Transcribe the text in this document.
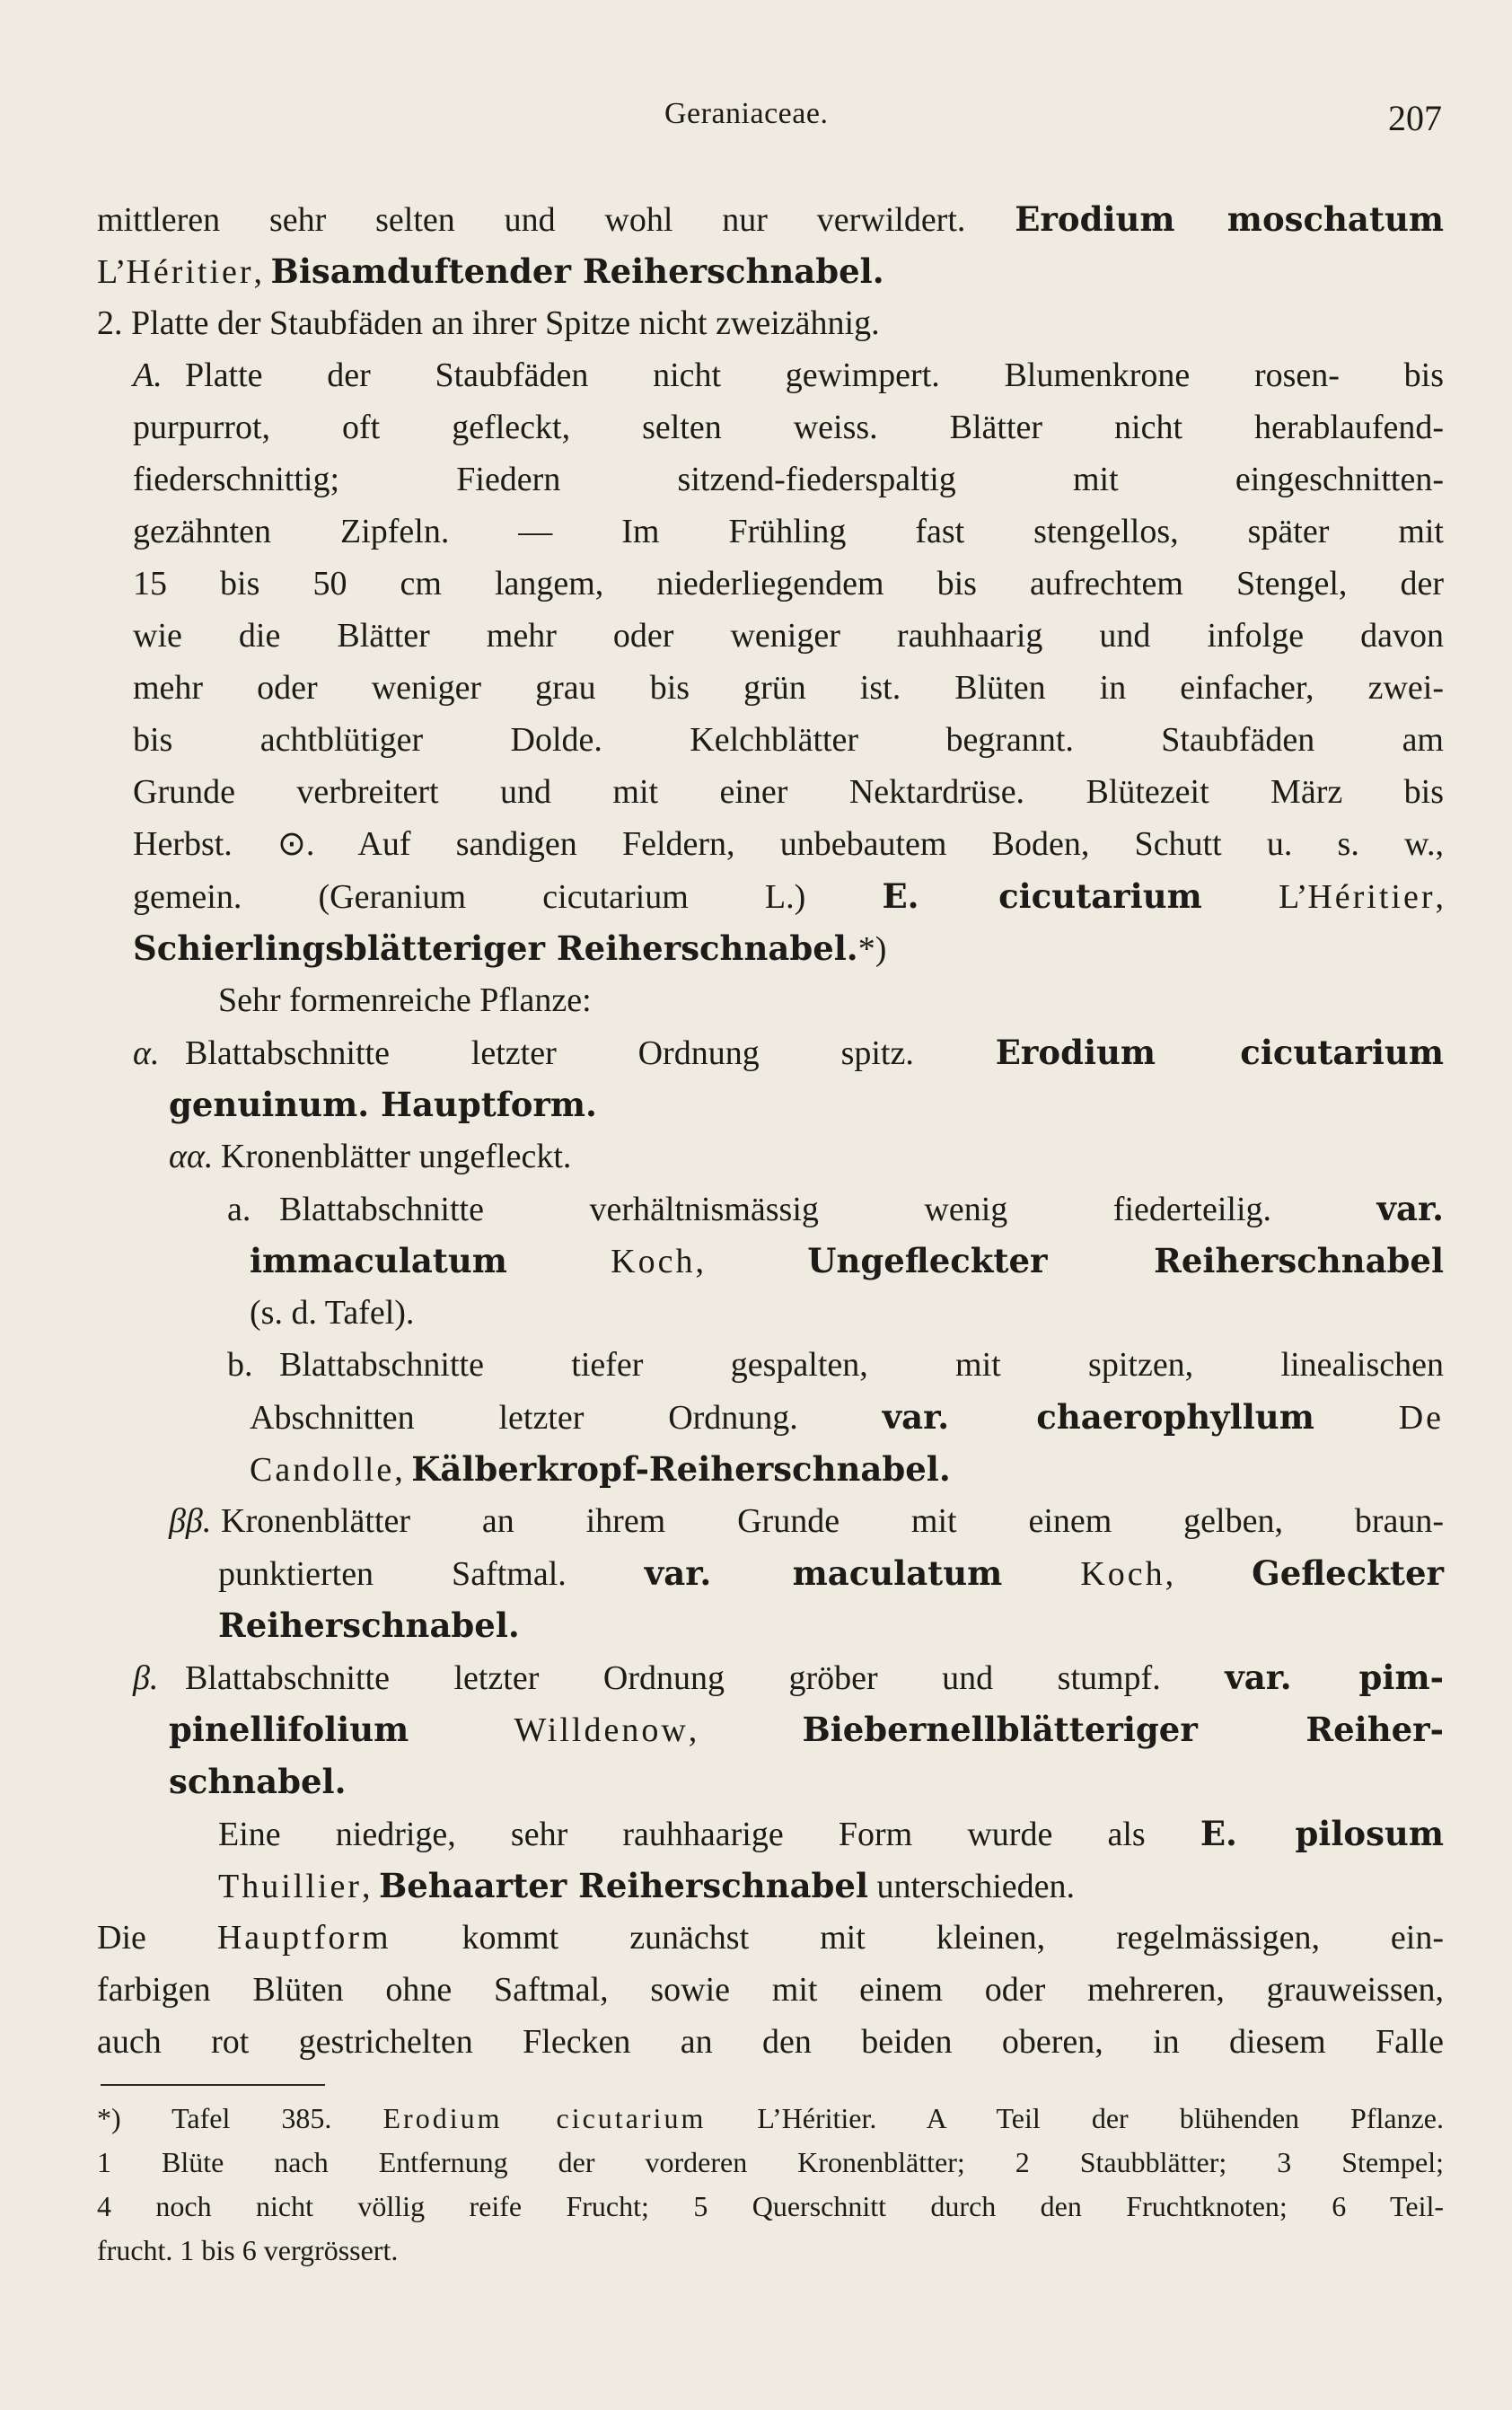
Geraniaceae.	207
mittleren sehr selten und wohl nur verwildert. Erodium moschatum
L’Héritier, Bisamduftender Reiherschnabel.
2. Platte der Staubfäden an ihrer Spitze nicht zweizähnig.
A. Platte der Staubfäden nicht gewimpert. Blumenkrone rosen- bis
purpurrot, oft gefleckt, selten weiss. Blätter nicht herablaufend-
fiederschnittig; Fiedern sitzend-fiederspaltig mit eingeschnitten-
gezähnten Zipfeln. — Im Frühling fast stengellos, später mit
15 bis 50 cm langem, niederliegendem bis aufrechtem Stengel, der
wie die Blätter mehr oder weniger rauhhaarig und infolge davon
mehr oder weniger grau bis grün ist. Blüten in einfacher, zwei-
bis achtblütiger Dolde. Kelchblätter begrannt. Staubfäden am
Grunde verbreitert und mit einer Nektardrüse. Blütezeit März bis
Herbst. ⊙. Auf sandigen Feldern, unbebautem Boden, Schutt u. s. w.,
gemein. (Geranium cicutarium L.) E. cicutarium L’Héritier,
Schierlingsblätteriger Reiherschnabel.*)
Sehr formenreiche Pflanze:
α. Blattabschnitte letzter Ordnung spitz. Erodium cicutarium
genuinum. Hauptform.
αα. Kronenblätter ungefleckt.
a. Blattabschnitte verhältnismässig wenig fiederteilig. var.
immaculatum	Koch, Ungefleckter Reiherschnabel
(s. d. Tafel).
b. Blattabschnitte tiefer gespalten, mit spitzen, linealischen
Abschnitten letzter Ordnung. var. chaerophyllum De
Candolle, Kälberkropf-Reiherschnabel.
ββ. Kronenblätter an ihrem Grunde mit einem gelben, braun-
punktierten Saftmal. var. maculatum Koch, Gefleckter
Reiherschnabel.
β. Blattabschnitte letzter Ordnung gröber und stumpf. var. pim-
pinellifolium	Willdenow, Biebernellblätteriger Reiher-
schnabel.
Eine niedrige, sehr rauhhaarige Form wurde als E. pilosum
Thuillier, Behaarter Reiherschnabel unterschieden.
Die Hauptform kommt zunächst mit kleinen, regelmässigen, ein-
farbigen Blüten ohne Saftmal, sowie mit einem oder mehreren, grauweissen,
auch rot gestrichelten Flecken an den beiden oberen, in diesem Falle
*) Tafel 385. Erodium cicutarium L’Héritier. A Teil der blühenden Pflanze.
1 Blüte nach Entfernung der vorderen Kronenblätter; 2 Staubblätter; 3 Stempel;
4 noch nicht völlig reife Frucht; 5 Querschnitt durch den Fruchtknoten; 6 Teil-
frucht. 1 bis 6 vergrössert.
